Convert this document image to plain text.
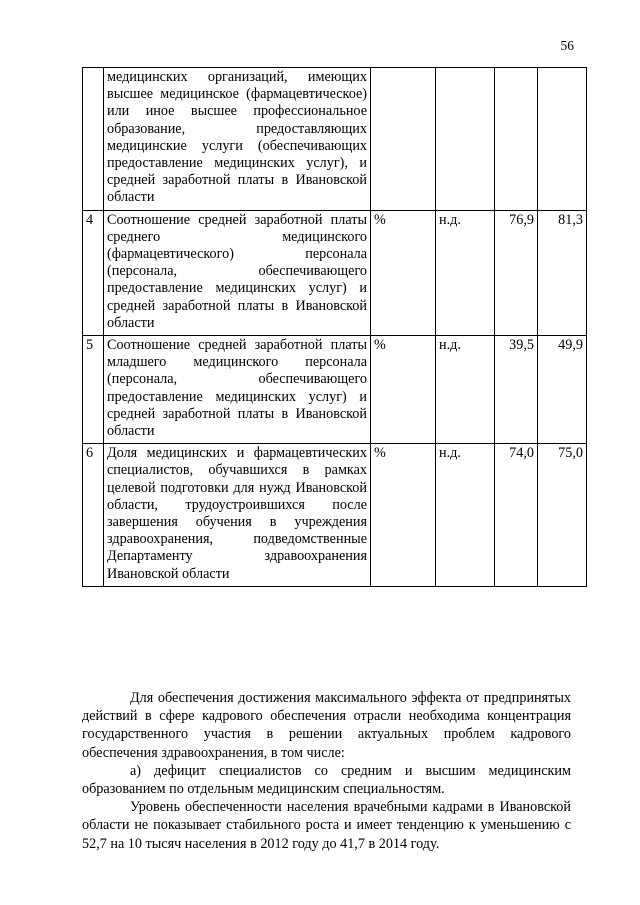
56

	медицинских организаций, имеющих высшее медицинское (фармацевтическое) или иное высшее профессиональное образование, предоставляющих медицинские услуги (обеспечивающих предоставление медицинских услуг), и средней заработной платы в Ивановской области				

4	Соотношение средней заработной платы среднего медицинского (фармацевтического) персонала (персонала, обеспечивающего предоставление медицинских услуг) и средней заработной платы в Ивановской области	%	н.д.	76,9	81,3
5	Соотношение средней заработной платы младшего медицинского персонала (персонала, обеспечивающего предоставление медицинских услуг) и средней заработной платы в Ивановской области	%	н.д.	39,5	49,9
6	Доля медицинских и фармацевтических специалистов, обучавшихся в рамках целевой подготовки для нужд Ивановской области, трудоустроившихся после завершения обучения в учреждения здравоохранения, подведомственные Департаменту здравоохранения Ивановской области	%	н.д.	74,0	75,0

Для обеспечения достижения максимального эффекта от предпринятых действий в сфере кадрового обеспечения отрасли необходима концентрация государственного участия в решении актуальных проблем кадрового обеспечения здравоохранения, в том числе:

а) дефицит специалистов со средним и высшим медицинским образованием по отдельным медицинским специальностям.

Уровень обеспеченности населения врачебными кадрами в Ивановской области не показывает стабильного роста и имеет тенденцию к уменьшению с 52,7 на 10 тысяч населения в 2012 году до 41,7 в 2014 году.
